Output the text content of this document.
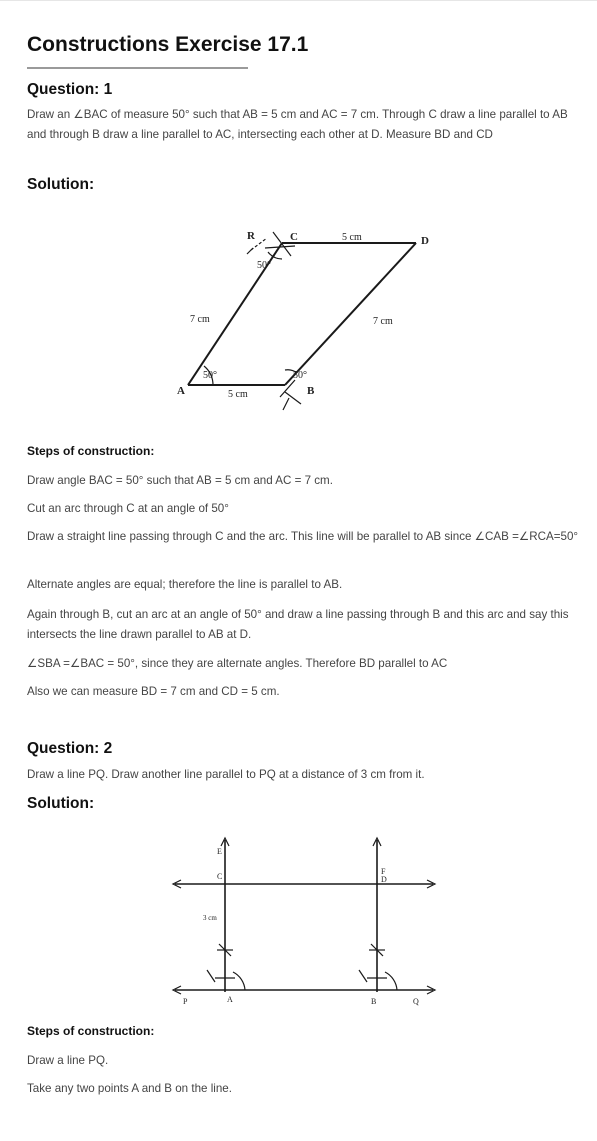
Constructions Exercise 17.1
Question: 1

Draw an ∠BAC of measure 50° such that AB = 5 cm and AC = 7 cm. Through C draw a line parallel to AB and through B draw a line parallel to AC, intersecting each other at D. Measure BD and CD

Solution:
R	C	D
A	B
5 cm
5 cm
7 cm	7 cm
50°
50°	50°
Steps of construction:

Draw angle BAC = 50° such that AB = 5 cm and AC = 7 cm.

Cut an arc through C at an angle of 50°

Draw a straight line passing through C and the arc. This line will be parallel to AB since ∠CAB =∠RCA=50°

Alternate angles are equal; therefore the line is parallel to AB.

Again through B, cut an arc at an angle of 50° and draw a line passing through B and this arc and say this intersects the line drawn parallel to AB at D.

∠SBA =∠BAC = 50°, since they are alternate angles. Therefore BD parallel to AC

Also we can measure BD = 7 cm and CD = 5 cm.

Question: 2

Draw a line PQ. Draw another line parallel to PQ at a distance of 3 cm from it.

Solution:
E
C
F
D
P	A	B	Q
3 cm
Steps of construction:

Draw a line PQ.

Take any two points A and B on the line.
